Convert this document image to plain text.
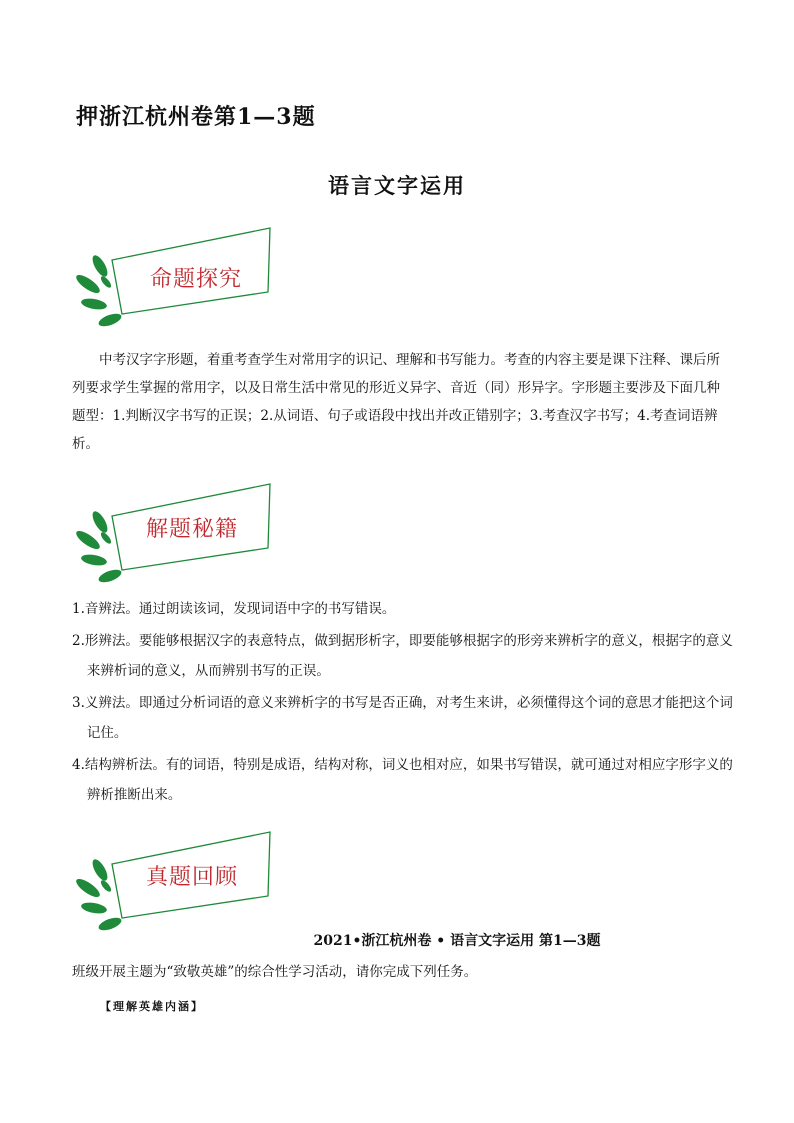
押浙江杭州卷第1—3题
语言文字运用
命题探究
中考汉字字形题，着重考查学生对常用字的识记、理解和书写能力。考查的内容主要是课下注释、课后所列要求学生掌握的常用字，以及日常生活中常见的形近义异字、音近（同）形异字。字形题主要涉及下面几种题型：1.判断汉字书写的正误；2.从词语、句子或语段中找出并改正错别字；3.考查汉字书写；4.考查词语辨析。
解题秘籍
1.音辨法。通过朗读该词，发现词语中字的书写错误。
2.形辨法。要能够根据汉字的表意特点，做到据形析字，即要能够根据字的形旁来辨析字的意义，根据字的意义来辨析词的意义，从而辨别书写的正误。
3.义辨法。即通过分析词语的意义来辨析字的书写是否正确，对考生来讲，必须懂得这个词的意思才能把这个词记住。
4.结构辨析法。有的词语，特别是成语，结构对称，词义也相对应，如果书写错误，就可通过对相应字形字义的辨析推断出来。
真题回顾
2021•浙江杭州卷 • 语言文字运用 第1—3题
班级开展主题为“致敬英雄”的综合性学习活动，请你完成下列任务。
【理解英雄内涵】
